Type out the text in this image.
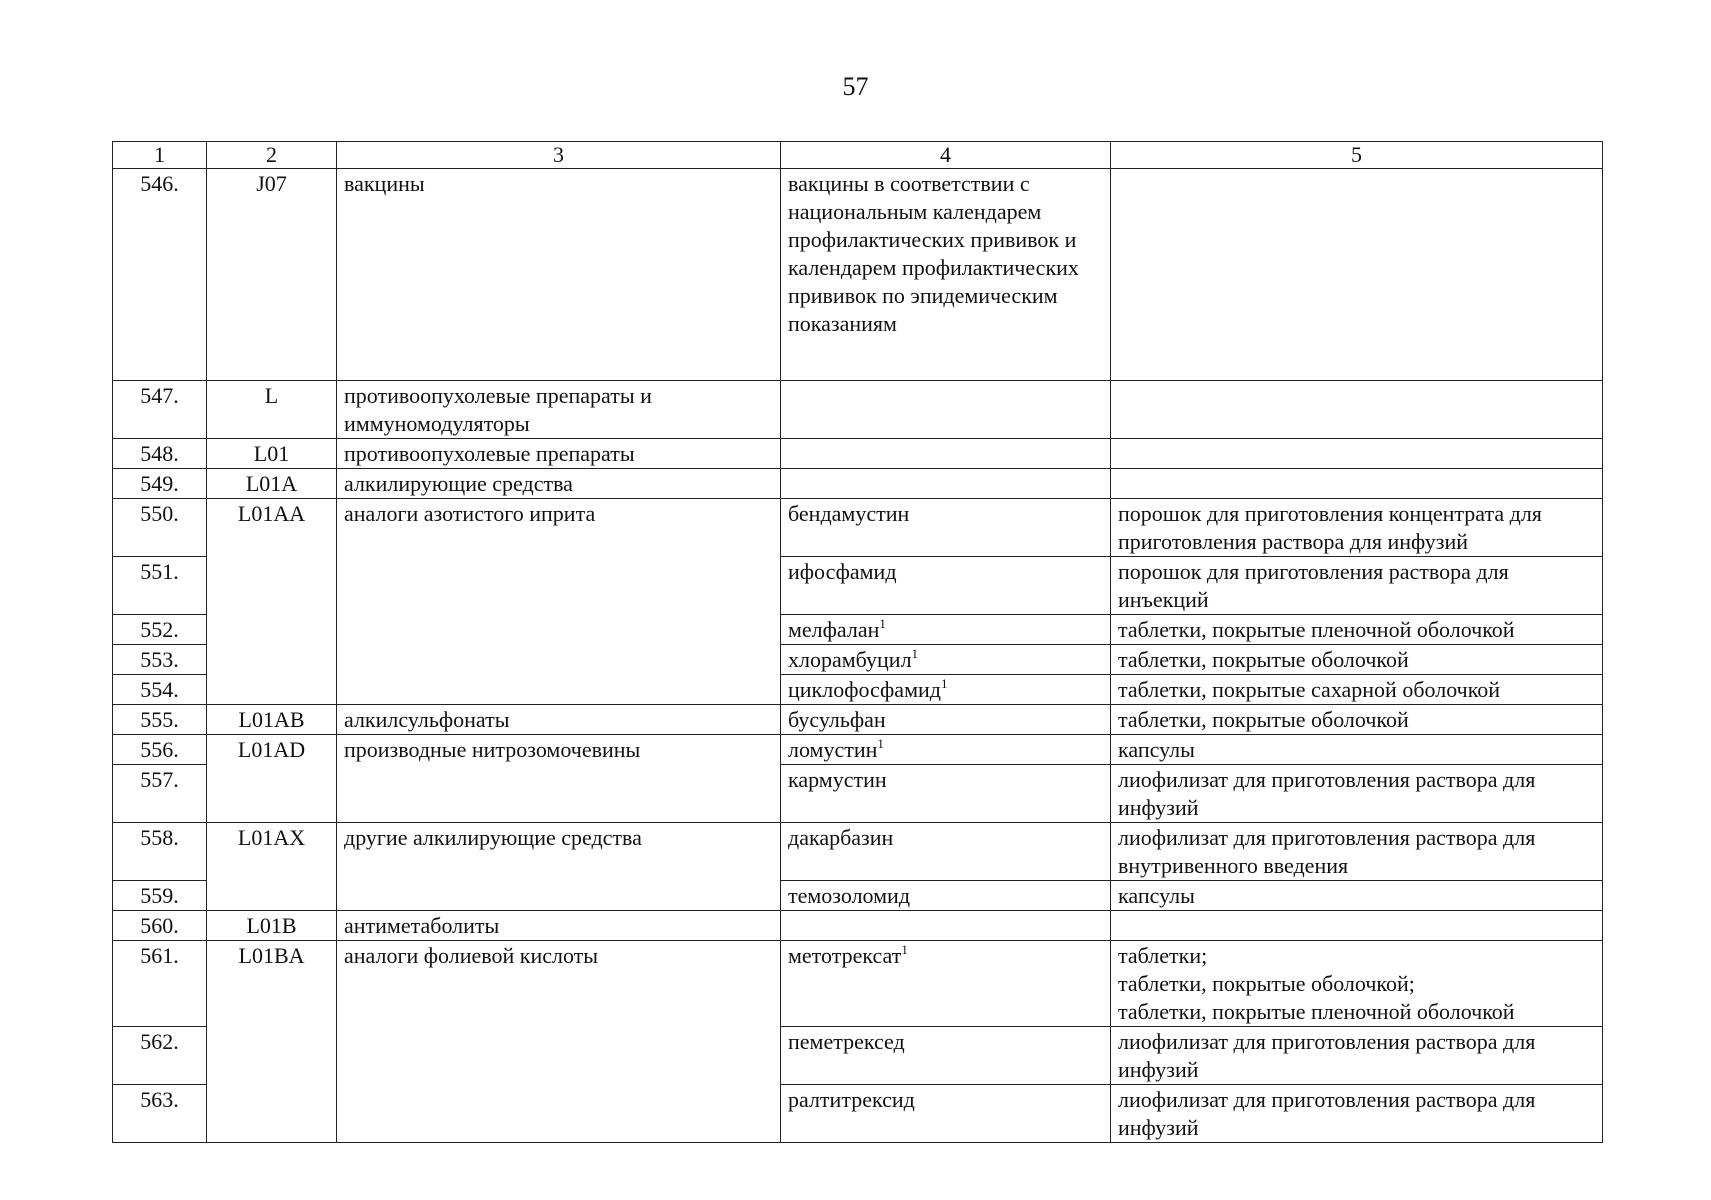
57
1	2	3	4	5
546.	J07	вакцины	вакцины в соответствии с национальным календарем профилактических прививок и календарем профилактических прививок по эпидемическим показаниям	
547.	L	противоопухолевые препараты и иммуномодуляторы		
548.	L01	противоопухолевые препараты		
549.	L01A	алкилирующие средства		
550.	L01AA	аналоги азотистого иприта	бендамустин	порошок для приготовления концентрата для приготовления раствора для инфузий
551.			ифосфамид	порошок для приготовления раствора для инъекций
552.			мелфалан$^1$	таблетки, покрытые пленочной оболочкой
553.			хлорамбуцил$^1$	таблетки, покрытые оболочкой
554.			циклофосфамид$^1$	таблетки, покрытые сахарной оболочкой
555.	L01AB	алкилсульфонаты	бусульфан	таблетки, покрытые оболочкой
556.	L01AD	производные нитрозомочевины	ломустин$^1$	капсулы
557.			кармустин	лиофилизат для приготовления раствора для инфузий
558.	L01AX	другие алкилирующие средства	дакарбазин	лиофилизат для приготовления раствора для внутривенного введения
559.			темозоломид	капсулы
560.	L01B	антиметаболиты		
561.	L01BA	аналоги фолиевой кислоты	метотрексат$^1$	таблетки;
таблетки, покрытые оболочкой;
таблетки, покрытые пленочной оболочкой

562.			пеметрексед	лиофилизат для приготовления раствора для инфузий
563.			ралтитрексид	лиофилизат для приготовления раствора для инфузий
